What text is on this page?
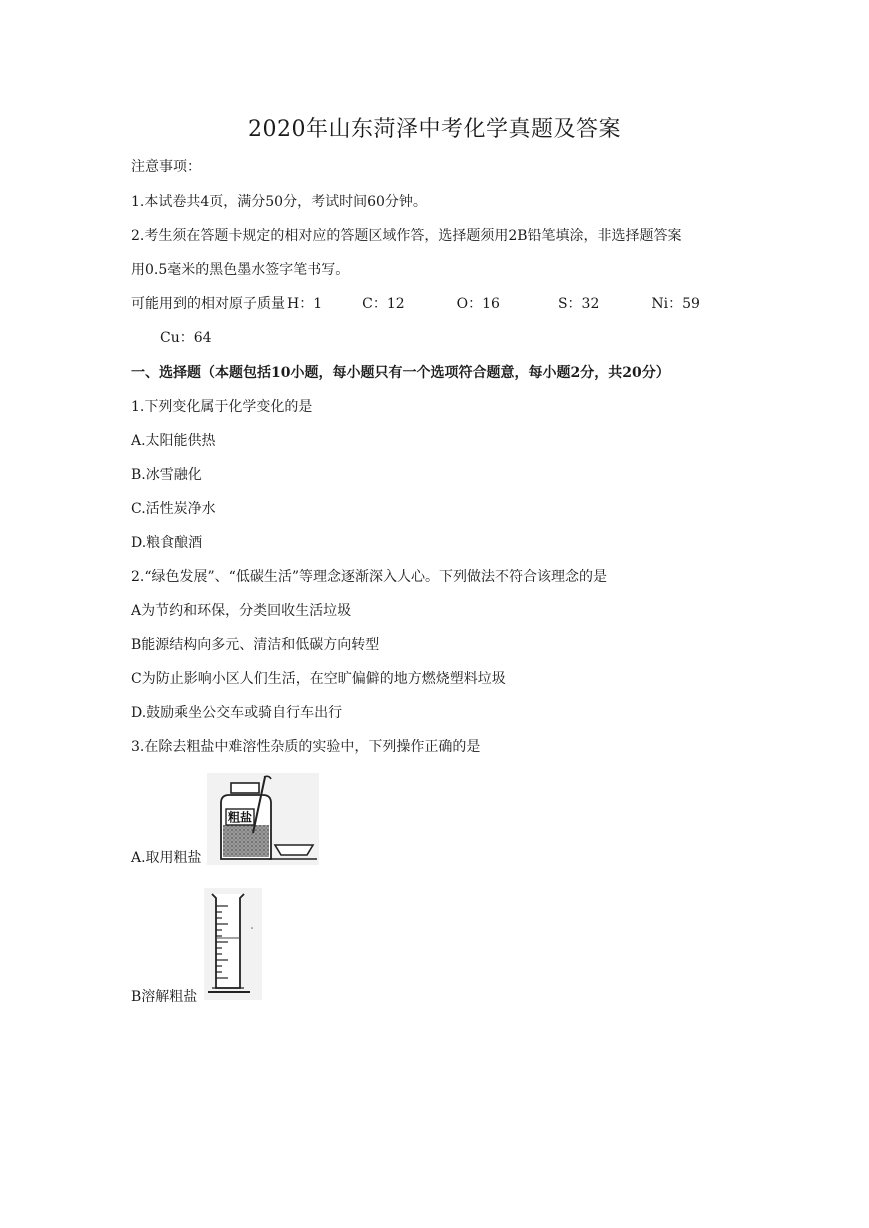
2020年山东菏泽中考化学真题及答案
注意事项：
1.本试卷共4页，满分50分，考试时间60分钟。
2.考生须在答题卡规定的相对应的答题区域作答，选择题须用2B铅笔填涂，非选择题答案
用0.5毫米的黑色墨水签字笔书写。
可能用到的相对原子质量 H：1	C：12	O：16	S：32	Ni：59
Cu：64
一、选择题（本题包括10小题，每小题只有一个选项符合题意，每小题2分，共20分）
1.下列变化属于化学变化的是
A.太阳能供热
B.冰雪融化
C.活性炭净水
D.粮食酿酒
2.“绿色发展”、“低碳生活”等理念逐渐深入人心。下列做法不符合该理念的是
A为节约和环保，分类回收生活垃圾
B能源结构向多元、清洁和低碳方向转型
C为防止影响小区人们生活，在空旷偏僻的地方燃烧塑料垃圾
D.鼓励乘坐公交车或骑自行车出行
3.在除去粗盐中难溶性杂质的实验中，下列操作正确的是
粗盐
A.取用粗盐
B溶解粗盐
